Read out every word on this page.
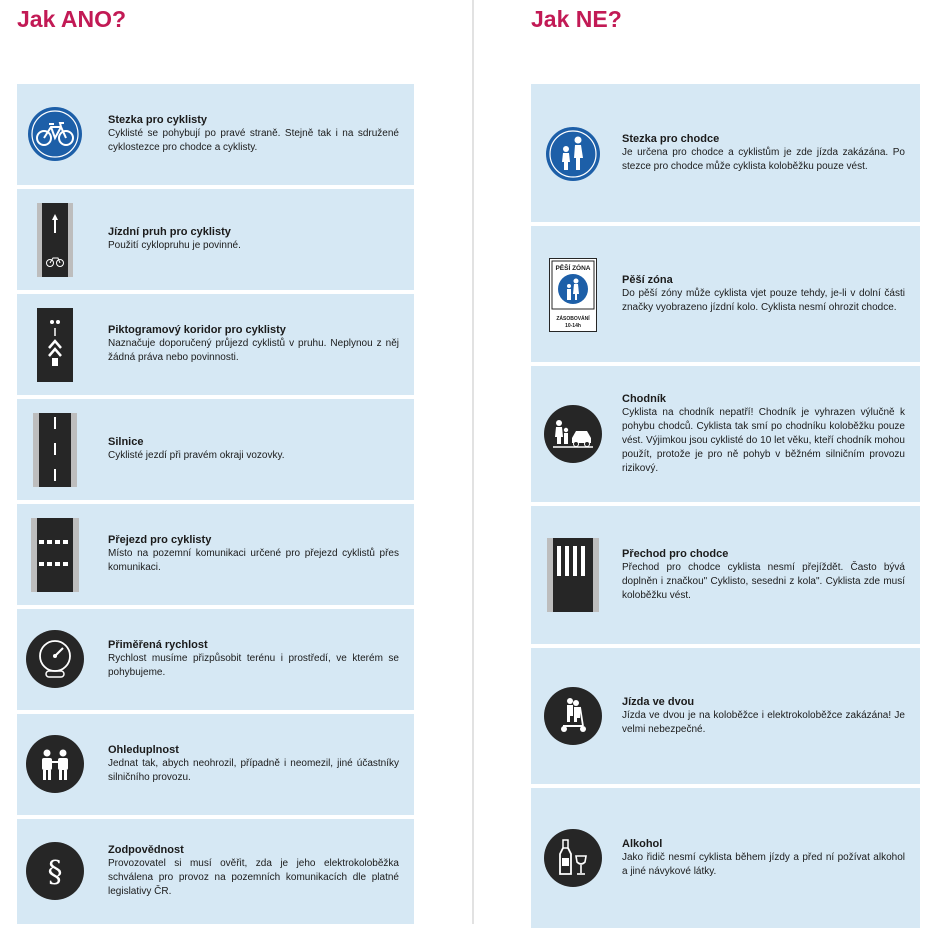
Jak ANO?	Jak NE?
Stezka pro cyklisty
Cyklisté se pohybují po pravé straně. Stejně tak i na sdružené cyklostezce pro chodce a cyklisty.
Jízdní pruh pro cyklisty
Použití cyklopruhu je povinné.
Piktogramový koridor pro cyklisty
Naznačuje doporučený průjezd cyklistů v pruhu. Neplynou z něj žádná práva nebo povinnosti.
Silnice
Cyklisté jezdí při pravém okraji vozovky.
Přejezd pro cyklisty
Místo na pozemní komunikaci určené pro přejezd cyklistů přes komunikaci.
Přiměřená rychlost
Rychlost musíme přizpůsobit terénu i prostředí, ve kterém se pohybujeme.
Ohleduplnost
Jednat tak, abych neohrozil, případně i neomezil, jiné účastníky silničního provozu.
§
Zodpovědnost
Provozovatel si musí ověřit, zda je jeho elektrokoloběžka schválena pro provoz na pozemních komunikacích dle platné legislativy ČR.
Stezka pro chodce
Je určena pro chodce a cyklistům je zde jízda zakázána. Po stezce pro chodce může cyklista koloběžku pouze vést.
PĚŠÍ ZÓNA
ZÁSOBOVÁNÍ
10-14h
Pěší zóna
Do pěší zóny může cyklista vjet pouze tehdy, je-li v dolní části značky vyobrazeno jízdní kolo. Cyklista nesmí ohrozit chodce.
Chodník
Cyklista na chodník nepatří! Chodník je vyhrazen výlučně k pohybu chodců. Cyklista tak smí po chodníku koloběžku pouze vést. Výjimkou jsou cyklisté do 10 let věku, kteří chodník mohou použít, protože je pro ně pohyb v běžném silničním provozu rizikový.
Přechod pro chodce
Přechod pro chodce cyklista nesmí přejíždět. Často bývá doplněn i značkou" Cyklisto, sesedni z kola". Cyklista zde musí koloběžku vést.
Jízda ve dvou
Jízda ve dvou je na koloběžce i elektrokoloběžce zakázána! Je velmi nebezpečné.
Alkohol
Jako řidič nesmí cyklista během jízdy a před ní požívat alkohol a jiné návykové látky.
